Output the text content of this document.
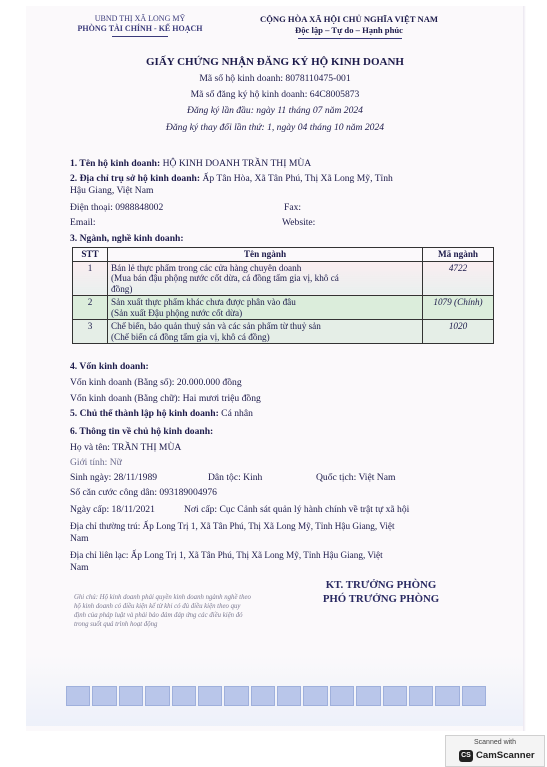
UBND THỊ XÃ LONG MỸ
PHÒNG TÀI CHÍNH - KẾ HOẠCH
CỘNG HÒA XÃ HỘI CHỦ NGHĨA VIỆT NAM
Độc lập – Tự do – Hạnh phúc
GIẤY CHỨNG NHẬN ĐĂNG KÝ HỘ KINH DOANH
Mã số hộ kinh doanh: 8078110475-001
Mã số đăng ký hộ kinh doanh: 64C8005873
Đăng ký lần đầu: ngày 11 tháng 07 năm 2024
Đăng ký thay đổi lần thứ: 1, ngày 04 tháng 10 năm 2024
1. Tên hộ kinh doanh: HỘ KINH DOANH TRẦN THỊ MÙA
2. Địa chỉ trụ sở hộ kinh doanh: Ấp Tân Hòa, Xã Tân Phú, Thị Xã Long Mỹ, Tỉnh
Hậu Giang, Việt Nam
Điện thoại: 0988848002	Fax:
Email:	Website:
3. Ngành, nghề kinh doanh:
STT	Tên ngành	Mã ngành
1	Bán lẻ thực phẩm trong các cửa hàng chuyên doanh
(Mua bán đậu phộng nước cốt dừa, cá đồng tẩm gia vị, khô cá
đồng)	4722
2	Sản xuất thực phẩm khác chưa được phân vào đâu
(Sản xuất Đậu phộng nước cốt dừa)	1079 (Chính)
3	Chế biến, bảo quản thuỷ sản và các sản phẩm từ thuỷ sản
(Chế biến cá đồng tẩm gia vị, khô cá đồng)	1020
4. Vốn kinh doanh:
Vốn kinh doanh (Bằng số): 20.000.000 đồng
Vốn kinh doanh (Bằng chữ): Hai mươi triệu đồng
5. Chủ thể thành lập hộ kinh doanh: Cá nhân
6. Thông tin về chủ hộ kinh doanh:
Họ và tên: TRẦN THỊ MÙA
Giới tính: Nữ
Sinh ngày: 28/11/1989	Dân tộc: Kinh	Quốc tịch: Việt Nam
Số căn cước công dân: 093189004976
Ngày cấp: 18/11/2021	Nơi cấp: Cục Cảnh sát quản lý hành chính về trật tự xã hội
Địa chỉ thường trú: Ấp Long Trị 1, Xã Tân Phú, Thị Xã Long Mỹ, Tỉnh Hậu Giang, Việt
Nam
Địa chỉ liên lạc: Ấp Long Trị 1, Xã Tân Phú, Thị Xã Long Mỹ, Tỉnh Hậu Giang, Việt
Nam
KT. TRƯỞNG PHÒNG
PHÓ TRƯỞNG PHÒNG
Ghi chú: Hộ kinh doanh phải quyền kinh doanh ngành nghề theo hộ kinh doanh có điều kiện kể từ khi có đủ điều kiện theo quy định của pháp luật và phải bảo đảm đáp ứng các điều kiện đó trong suốt quá trình hoạt động
Scanned with
CS CamScanner
